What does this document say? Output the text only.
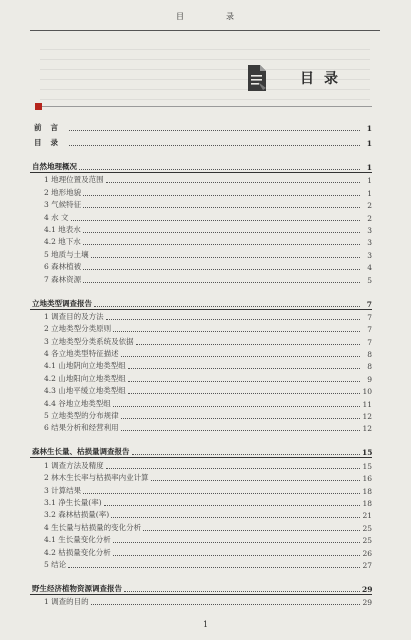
目	录
目录
前言	1
目录	1
自然地理概况	1
1 地理位置及范围	1
2 地形地貌	1
3 气候特征	2
4 水 文	2
4.1 地表水	3
4.2 地下水	3
5 地质与土壤	3
6 森林植被	4
7 森林资源	5
立地类型调查报告	7
1 调查目的及方法	7
2 立地类型分类原则	7
3 立地类型分类系统及依据	7
4 各立地类型特征描述	8
4.1 山地阴向立地类型组	8
4.2 山地阳向立地类型组	9
4.3 山地平缓立地类型组	10
4.4 谷地立地类型组	11
5 立地类型的分布规律	12
6 结果分析和经营利用	12
森林生长量、枯损量调查报告	15
1 调查方法及精度	15
2 林木生长率与枯损率内业计算	16
3 计算结果	18
3.1 净生长量(率)	18
3.2 森林枯损量(率)	21
4 生长量与枯损量的变化分析	25
4.1 生长量变化分析	25
4.2 枯损量变化分析	26
5 结论	27
野生经济植物资源调查报告	29
1 调查的目的	29
1
